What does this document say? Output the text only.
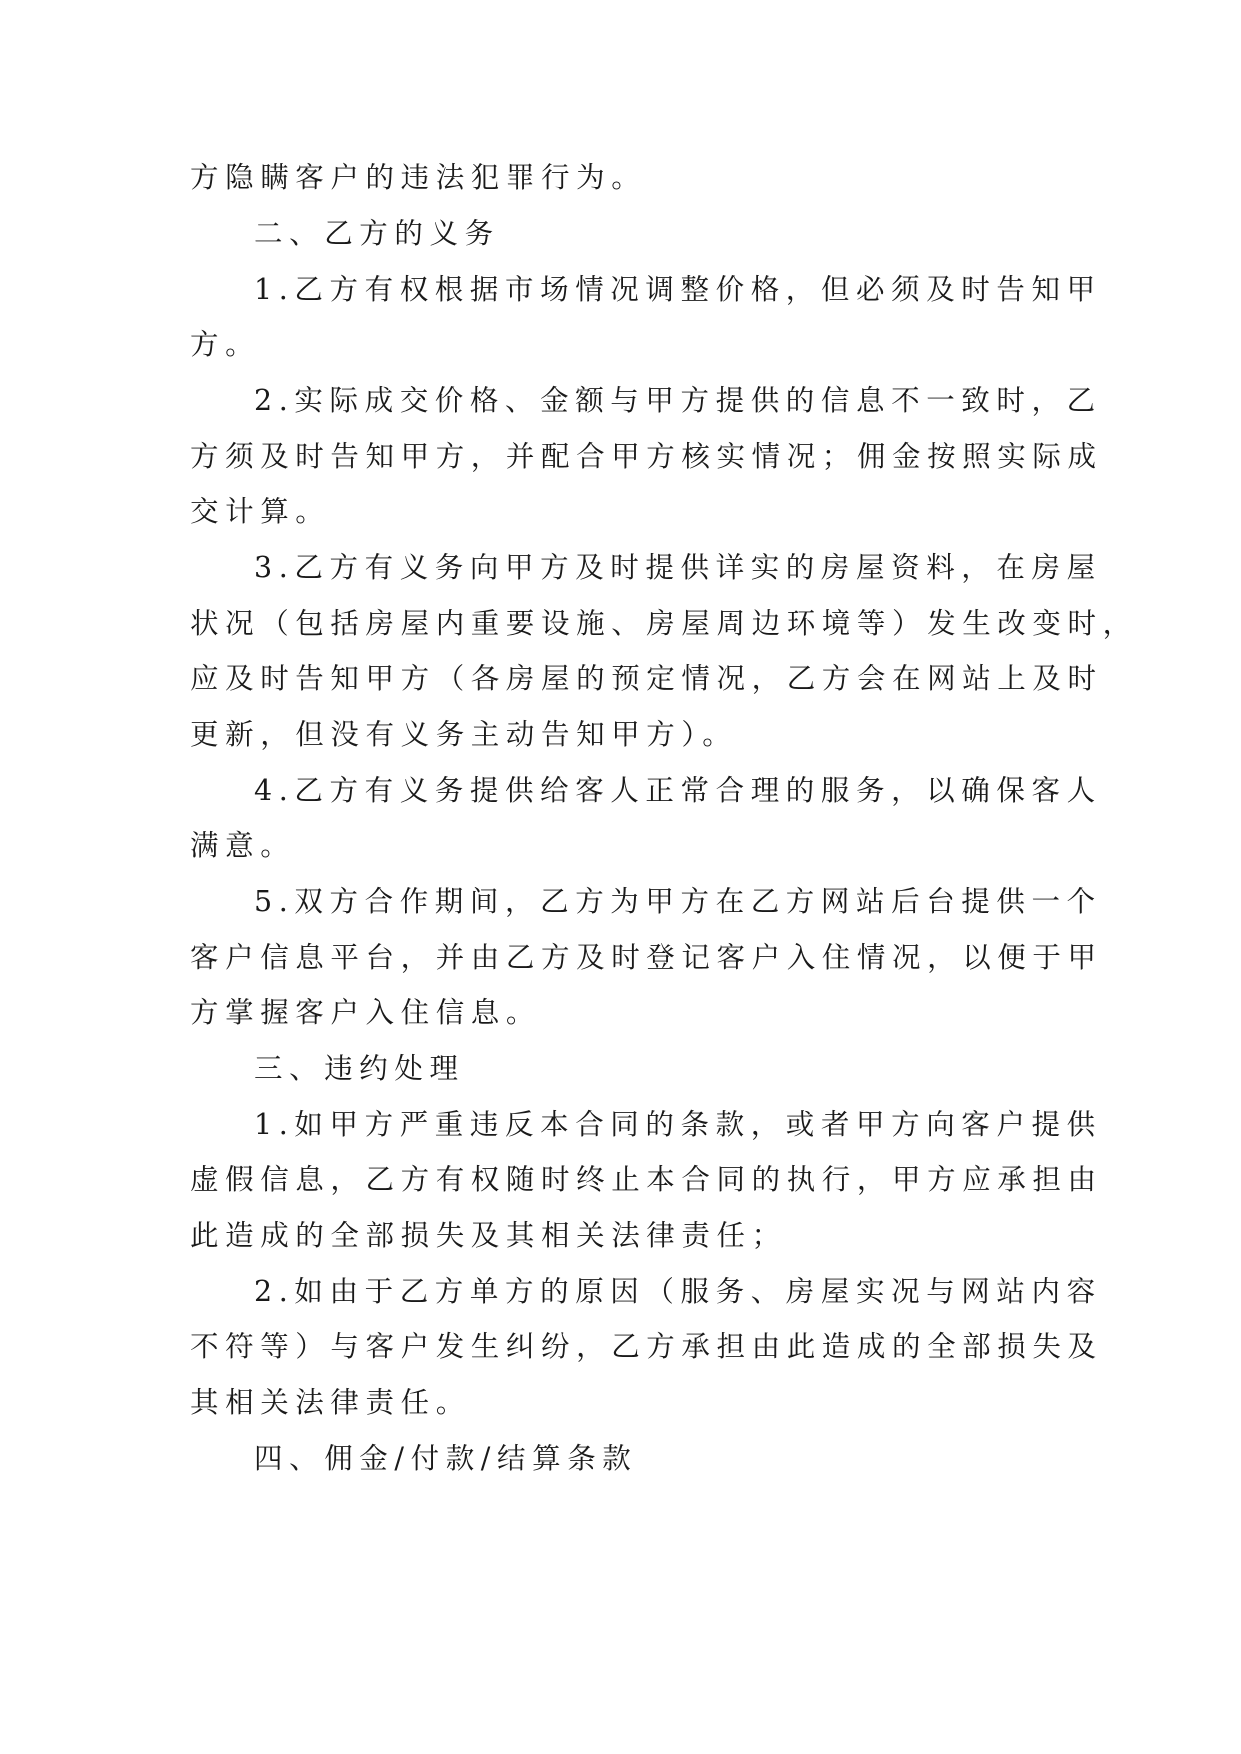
方隐瞒客户的违法犯罪行为。
二、乙方的义务
1.乙方有权根据市场情况调整价格，但必须及时告知甲
方。
2.实际成交价格、金额与甲方提供的信息不一致时，乙
方须及时告知甲方，并配合甲方核实情况；佣金按照实际成
交计算。
3.乙方有义务向甲方及时提供详实的房屋资料，在房屋
状况（包括房屋内重要设施、房屋周边环境等）发生改变时，
应及时告知甲方（各房屋的预定情况，乙方会在网站上及时
更新，但没有义务主动告知甲方）。
4.乙方有义务提供给客人正常合理的服务，以确保客人
满意。
5.双方合作期间，乙方为甲方在乙方网站后台提供一个
客户信息平台，并由乙方及时登记客户入住情况，以便于甲
方掌握客户入住信息。
三、违约处理
1.如甲方严重违反本合同的条款，或者甲方向客户提供
虚假信息，乙方有权随时终止本合同的执行，甲方应承担由
此造成的全部损失及其相关法律责任；
2.如由于乙方单方的原因（服务、房屋实况与网站内容
不符等）与客户发生纠纷，乙方承担由此造成的全部损失及
其相关法律责任。
四、佣金/付款/结算条款
